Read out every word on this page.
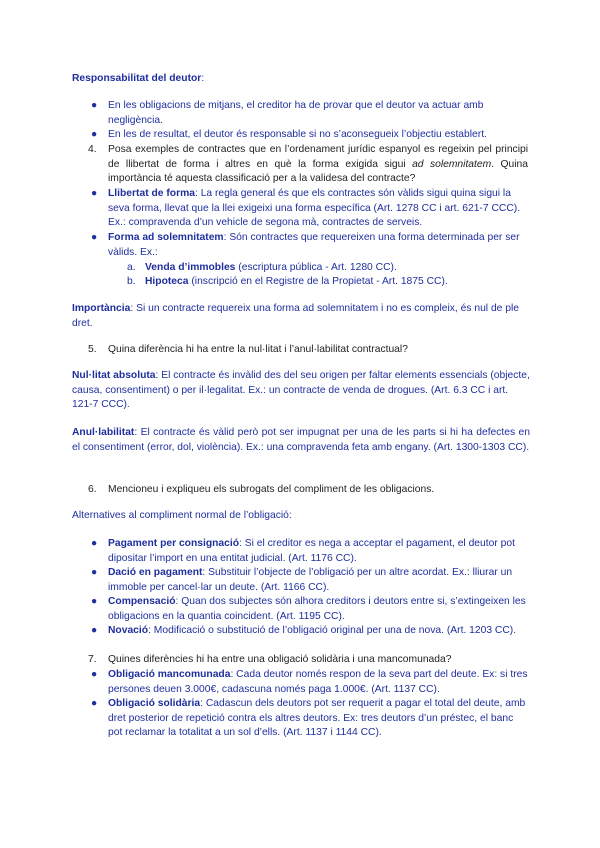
Responsabilitat del deutor:

● En les obligacions de mitjans, el creditor ha de provar que el deutor va actuar amb negligència.

● En les de resultat, el deutor és responsable si no s’aconsegueix l’objectiu establert.

4. Posa exemples de contractes que en l’ordenament jurídic espanyol es regeixin pel principi de llibertat de forma i altres en què la forma exigida sigui ad solemnitatem. Quina importància té aquesta classificació per a la validesa del contracte?

● Llibertat de forma: La regla general és que els contractes són vàlids sigui quina sigui la seva forma, llevat que la llei exigeixi una forma específica (Art. 1278 CC i art. 621-7 CCC). Ex.: compravenda d’un vehicle de segona mà, contractes de serveis.

● Forma ad solemnitatem: Són contractes que requereixen una forma determinada per ser vàlids. Ex.:

a. Venda d’immobles (escriptura pública - Art. 1280 CC).

b. Hipoteca (inscripció en el Registre de la Propietat - Art. 1875 CC).

Importància: Si un contracte requereix una forma ad solemnitatem i no es compleix, és nul de ple dret.

5. Quina diferència hi ha entre la nul·litat i l’anul·labilitat contractual?

Nul·litat absoluta: El contracte és invàlid des del seu origen per faltar elements essencials (objecte, causa, consentiment) o per il·legalitat. Ex.: un contracte de venda de drogues. (Art. 6.3 CC i art. 121-7 CCC).

Anul·labilitat: El contracte és vàlid però pot ser impugnat per una de les parts si hi ha defectes en el consentiment (error, dol, violència). Ex.: una compravenda feta amb engany. (Art. 1300-1303 CC).

6. Mencioneu i expliqueu els subrogats del compliment de les obligacions.

Alternatives al compliment normal de l’obligació:

● Pagament per consignació: Si el creditor es nega a acceptar el pagament, el deutor pot dipositar l’import en una entitat judicial. (Art. 1176 CC).

● Dació en pagament: Substituir l’objecte de l’obligació per un altre acordat. Ex.: lliurar un immoble per cancel·lar un deute. (Art. 1166 CC).

● Compensació: Quan dos subjectes són alhora creditors i deutors entre si, s’extingeixen les obligacions en la quantia coincident. (Art. 1195 CC).

● Novació: Modificació o substitució de l’obligació original per una de nova. (Art. 1203 CC).

7. Quines diferències hi ha entre una obligació solidària i una mancomunada?

● Obligació mancomunada: Cada deutor només respon de la seva part del deute. Ex: si tres persones deuen 3.000€, cadascuna només paga 1.000€. (Art. 1137 CC).

● Obligació solidària: Cadascun dels deutors pot ser requerit a pagar el total del deute, amb dret posterior de repetició contra els altres deutors. Ex: tres deutors d’un préstec, el banc pot reclamar la totalitat a un sol d’ells. (Art. 1137 i 1144 CC).
